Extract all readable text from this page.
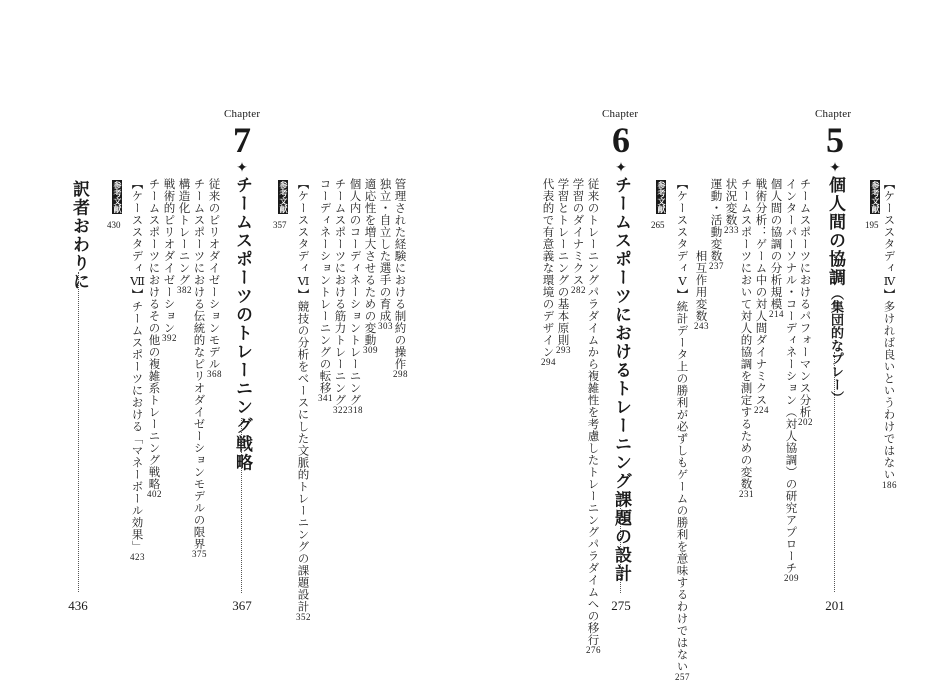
【ケーススタディⅣ】多ければ良いというわけではない186
参考文献
195
Chapter
5
✦個人間の協調（集団的なプレー）
201
チームスポーツにおけるパフォーマンス分析202
インターパーソナル・コーディネーション（対人協調）の研究アプローチ209
個人間の協調の分析規模214
戦術分析：ゲーム中の対人間ダイナミクス224
チームスポーツにおいて対人的協調を測定するための変数231
状況変数233
運動・活動変数237
相互作用変数243
【ケーススタディⅤ】統計データ上の勝利が必ずしもゲームの勝利を意味するわけではない257
参考文献
265
Chapter
6
✦チームスポーツにおけるトレーニング課題の設計
275
従来のトレーニングパラダイムから複雑性を考慮したトレーニングパラダイムへの移行276
学習のダイナミクス282
学習とトレーニングの基本原則293
代表的で有意義な環境のデザイン294
管理された経験における制約の操作298
独立・自立した選手の育成303
適応性を増大させるための変動309
個人内のコーディネーショントレーニング318
チームスポーツにおける筋力トレーニング322
コーディネーショントレーニングの転移341
【ケーススタディⅥ】競技の分析をベースにした文脈的トレーニングの課題設計352
参考文献
357
Chapter
7
✦チームスポーツのトレーニング戦略
367
従来のピリオダイゼーションモデル368
チームスポーツにおける伝統的なピリオダイゼーションモデルの限界375
構造化トレーニング382
戦術的ピリオダイゼーション392
チームスポーツにおけるその他の複雑系トレーニング戦略402
【ケーススタディⅦ】チームスポーツにおける「マネーボール効果」423
参考文献
430
訳者おわりに
436
